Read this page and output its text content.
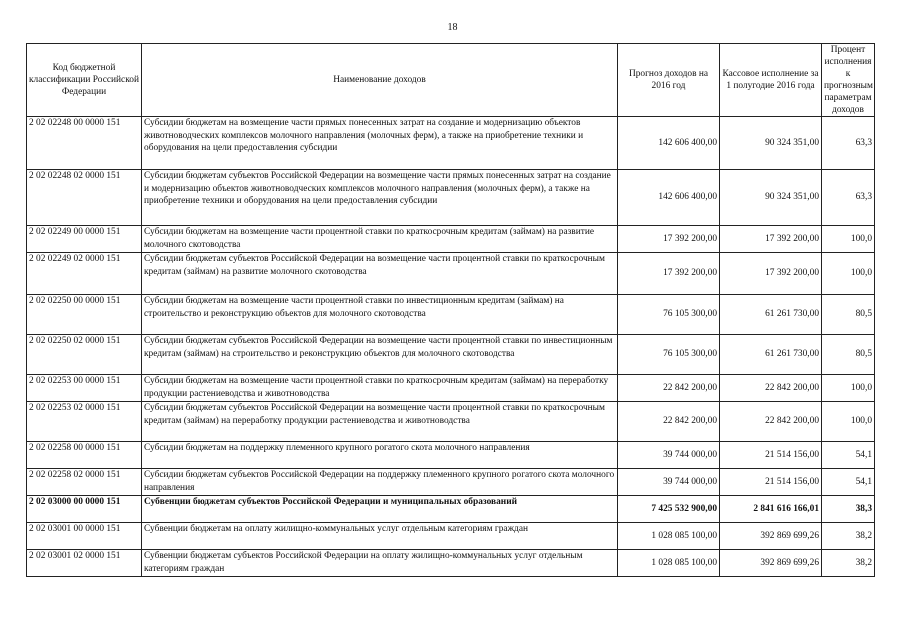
18
Код бюджетной классификации Российской Федерации	Наименование доходов	Прогноз доходов на 2016 год	Кассовое исполнение за 1 полугодие 2016 года	Процент исполнения к прогнозным параметрам доходов
2 02 02248 00 0000 151	Субсидии бюджетам на возмещение части прямых понесенных затрат на создание и модернизацию объектов животноводческих комплексов молочного направления (молочных ферм), а также на приобретение техники и оборудования на цели предоставления субсидии	142 606 400,00	90 324 351,00	63,3
2 02 02248 02 0000 151	Субсидии бюджетам субъектов Российской Федерации на возмещение части прямых понесенных затрат на создание и модернизацию объектов животноводческих комплексов молочного направления (молочных ферм), а также на приобретение техники и оборудования на цели предоставления субсидии	142 606 400,00	90 324 351,00	63,3
2 02 02249 00 0000 151	Субсидии бюджетам на возмещение части процентной ставки по краткосрочным кредитам (займам) на развитие молочного скотоводства	17 392 200,00	17 392 200,00	100,0
2 02 02249 02 0000 151	Субсидии бюджетам субъектов Российской Федерации на возмещение части процентной ставки по краткосрочным кредитам (займам) на развитие молочного скотоводства	17 392 200,00	17 392 200,00	100,0
2 02 02250 00 0000 151	Субсидии бюджетам на возмещение части процентной ставки по инвестиционным кредитам (займам) на строительство и реконструкцию объектов для молочного скотоводства	76 105 300,00	61 261 730,00	80,5
2 02 02250 02 0000 151	Субсидии бюджетам субъектов Российской Федерации на возмещение части процентной ставки по инвестиционным кредитам (займам) на строительство и реконструкцию объектов для молочного скотоводства	76 105 300,00	61 261 730,00	80,5
2 02 02253 00 0000 151	Субсидии бюджетам на возмещение части процентной ставки по краткосрочным кредитам (займам) на переработку продукции растениеводства и животноводства	22 842 200,00	22 842 200,00	100,0
2 02 02253 02 0000 151	Субсидии бюджетам субъектов Российской Федерации на возмещение части процентной ставки по краткосрочным кредитам (займам) на переработку продукции растениеводства и животноводства	22 842 200,00	22 842 200,00	100,0
2 02 02258 00 0000 151	Субсидии бюджетам на поддержку племенного крупного рогатого скота молочного направления	39 744 000,00	21 514 156,00	54,1
2 02 02258 02 0000 151	Субсидии бюджетам субъектов Российской Федерации на поддержку племенного крупного рогатого скота молочного направления	39 744 000,00	21 514 156,00	54,1
2 02 03000 00 0000 151	Субвенции бюджетам субъектов Российской Федерации и муниципальных образований	7 425 532 900,00	2 841 616 166,01	38,3
2 02 03001 00 0000 151	Субвенции бюджетам на оплату жилищно-коммунальных услуг отдельным категориям граждан	1 028 085 100,00	392 869 699,26	38,2
2 02 03001 02 0000 151	Субвенции бюджетам субъектов Российской Федерации на оплату жилищно-коммунальных услуг отдельным категориям граждан	1 028 085 100,00	392 869 699,26	38,2
